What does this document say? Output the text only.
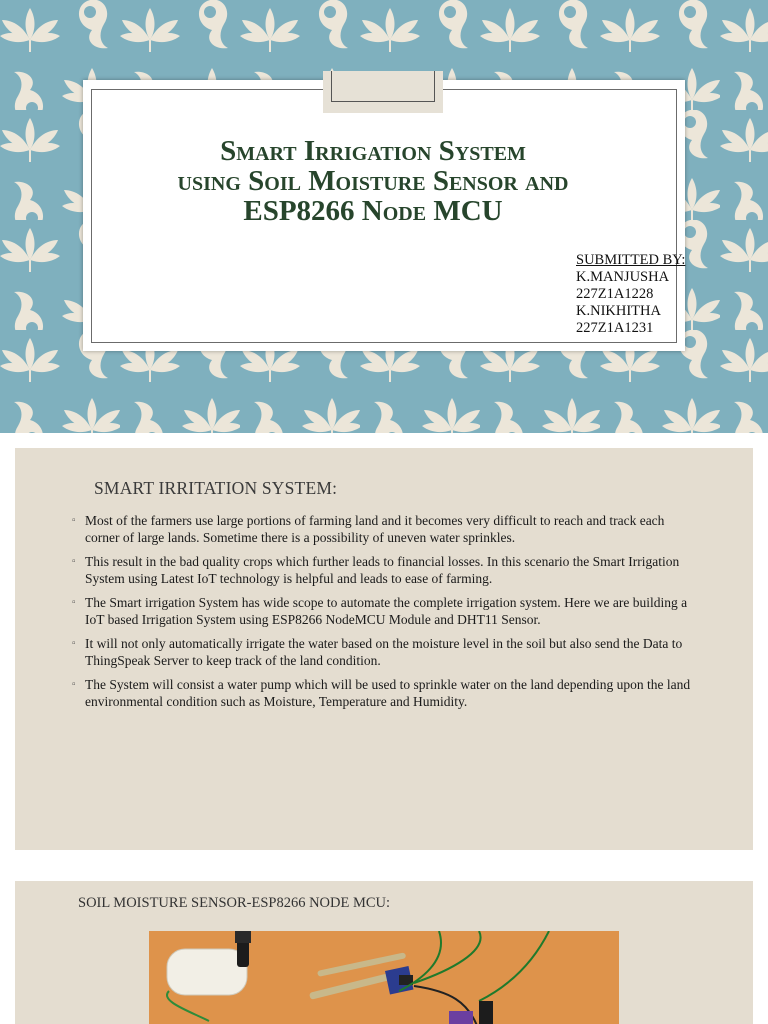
Smart Irrigation System
using Soil Moisture Sensor and ESP8266 Node MCU
SUBMITTED BY:
K.MANJUSHA
227Z1A1228
K.NIKHITHA
227Z1A1231
SMART IRRITATION SYSTEM:
▫ Most of the farmers use large portions of farming land and it becomes very difficult to reach and track each corner of large lands. Sometime there is a possibility of uneven water sprinkles.
▫ This result in the bad quality crops which further leads to financial losses. In this scenario the Smart Irrigation System using Latest IoT technology is helpful and leads to ease of farming.
▫ The Smart irrigation System has wide scope to automate the complete irrigation system. Here we are building a IoT based Irrigation System using ESP8266 NodeMCU Module and DHT11 Sensor.
▫ It will not only automatically irrigate the water based on the moisture level in the soil but also send the Data to ThingSpeak Server to keep track of the land condition.
▫ The System will consist a water pump which will be used to sprinkle water on the land depending upon the land environmental condition such as Moisture, Temperature and Humidity.
SOIL MOISTURE SENSOR-ESP8266 NODE MCU:
